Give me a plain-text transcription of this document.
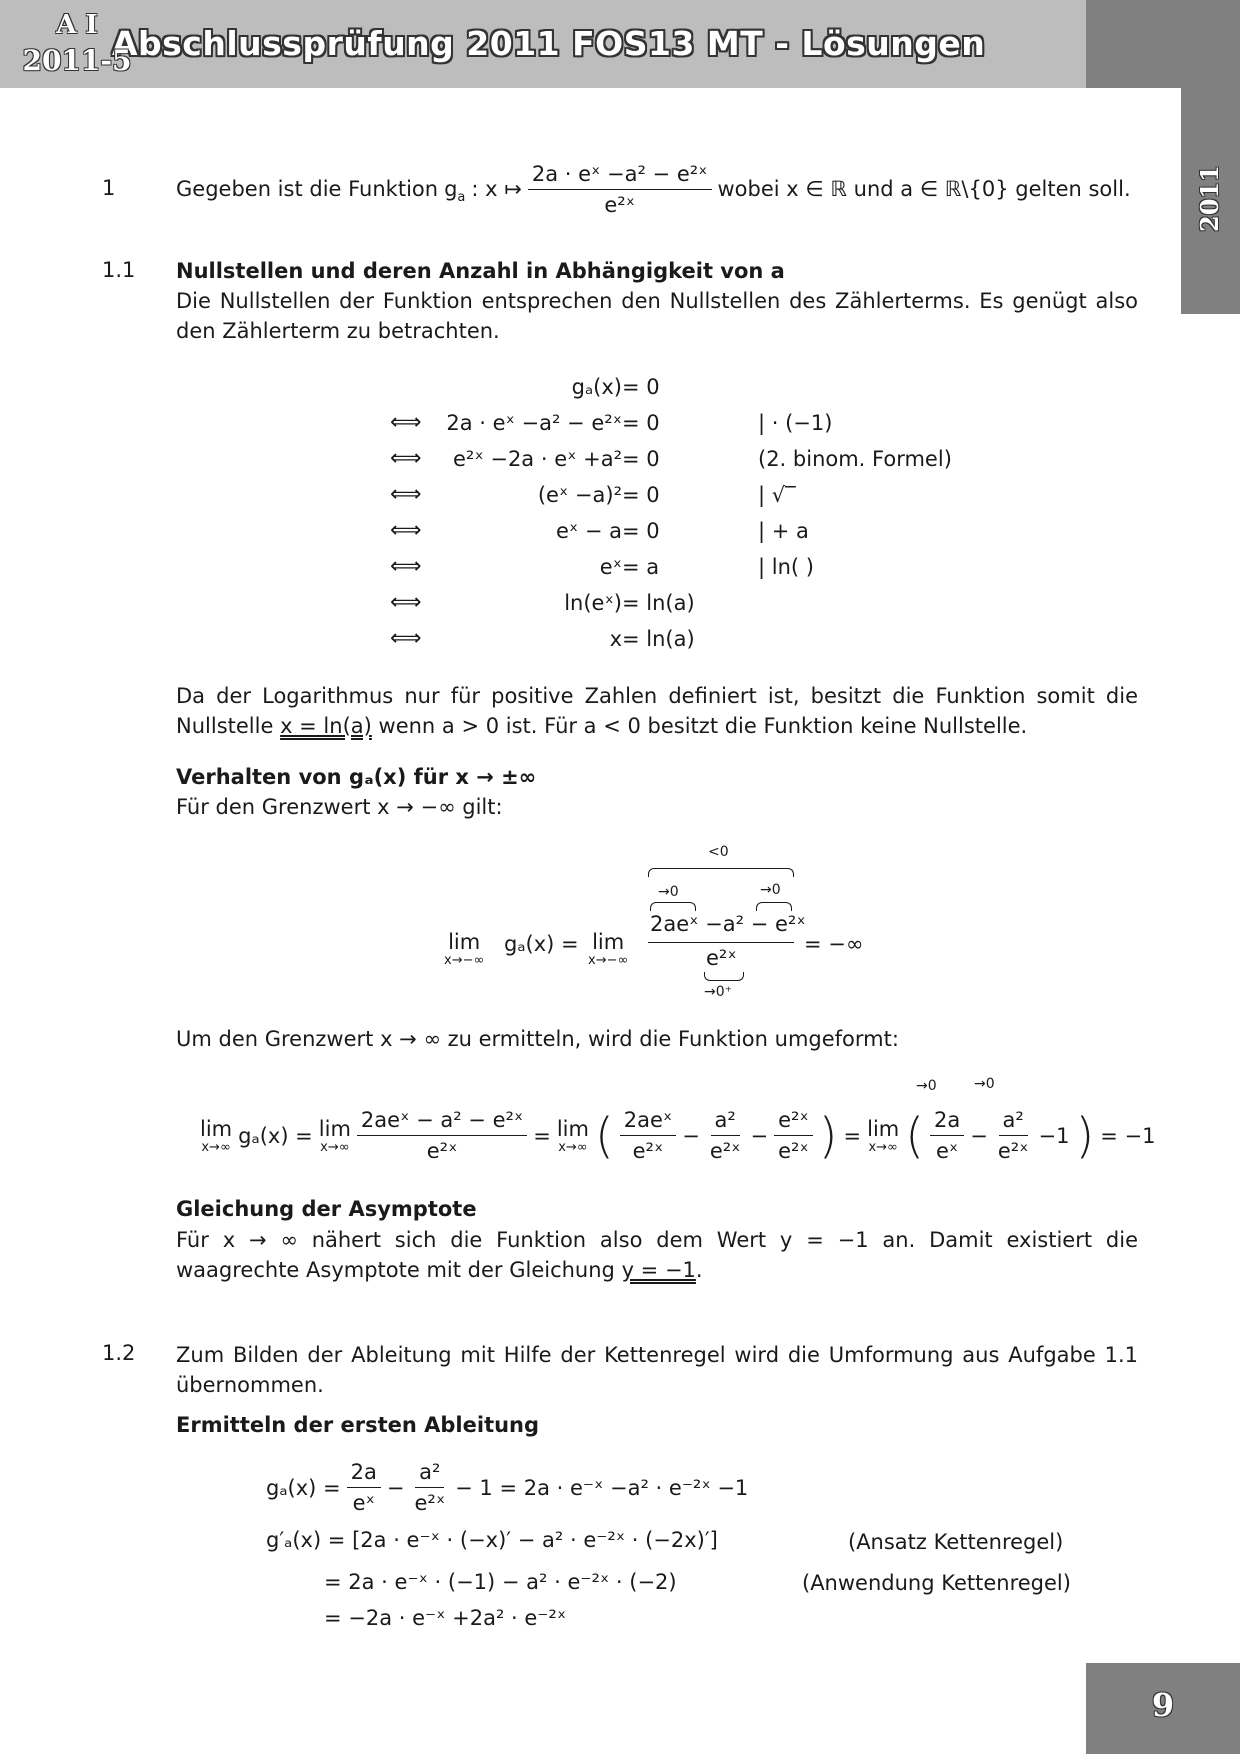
Abschlussprüfung 2011 FOS13 MT - Lösungen
A I
2011-5
2011
1	Gegeben ist die Funktion $g_a$ : x ↦ $\frac{\text{2a · eˣ −a² − e²ˣ}}{\text{e²ˣ}}$ wobei x ∈ ℝ und a ∈ ℝ\{0} gelten soll.
1.1 Nullstellen und deren Anzahl in Abhängigkeit von a
Die Nullstellen der Funktion entsprechen den Nullstellen des Zählerterms. Es genügt also den Zählerterm zu betrachten.
gₐ(x) = 0
⟺	2a · eˣ −a² − e²ˣ = 0	| · (−1)
⟺	e²ˣ −2a · eˣ +a² = 0	(2. binom. Formel)
⟺	(eˣ −a)² = 0	| √‾
⟺	eˣ − a = 0	| + a
⟺	eˣ = a	| ln( )
⟺	ln(eˣ) = ln(a)
⟺	x = ln(a)
Da der Logarithmus nur für positive Zahlen definiert ist, besitzt die Funktion somit die Nullstelle x = ln(a) wenn a > 0 ist. Für a < 0 besitzt die Funktion keine Nullstelle.
Verhalten von gₐ(x) für x → ±∞
Für den Grenzwert x → −∞ gilt:
lim
x→−∞
gₐ(x) = lim
x→−∞
<0
→0	→0
2aeˣ −a² − e²ˣ
e²ˣ
→0⁺
= −∞
Um den Grenzwert x → ∞ zu ermitteln, wird die Funktion umgeformt:
lim
x→∞ gₐ(x) = lim
$x\to\infty \frac{\text{2aeˣ − a² − e²ˣ}}{\text{e²ˣ}} = \lim$
x→∞ ( $\frac{\text{2aeˣ}}{\text{e²ˣ}} - \frac{\text{a²}}{\text{e²ˣ}} - \frac{\text{e²ˣ}}{\text{e²ˣ}}$ ) = lim
x→∞ ( $\frac{2a}{\text{eˣ}} - \frac{\text{a²}}{\text{e²ˣ}} -1$ ) = −1
→0	→0
Gleichung der Asymptote
Für x → ∞ nähert sich die Funktion also dem Wert y = −1 an. Damit existiert die waagrechte Asymptote mit der Gleichung y = −1.
1.2 Zum Bilden der Ableitung mit Hilfe der Kettenregel wird die Umformung aus Aufgabe 1.1 übernommen.
Ermitteln der ersten Ableitung
$g_a(x) = \frac{2a}{\text{eˣ}} - \frac{\text{a²}}{\text{e²ˣ}} - 1 = 2a$ · e⁻ˣ −a² · e⁻²ˣ −1
g′ₐ(x) = [2a · e⁻ˣ · (−x)′ − a² · e⁻²ˣ · (−2x)′]	(Ansatz Kettenregel)
= 2a · e⁻ˣ · (−1) − a² · e⁻²ˣ · (−2)	(Anwendung Kettenregel)
= −2a · e⁻ˣ +2a² · e⁻²ˣ
9
